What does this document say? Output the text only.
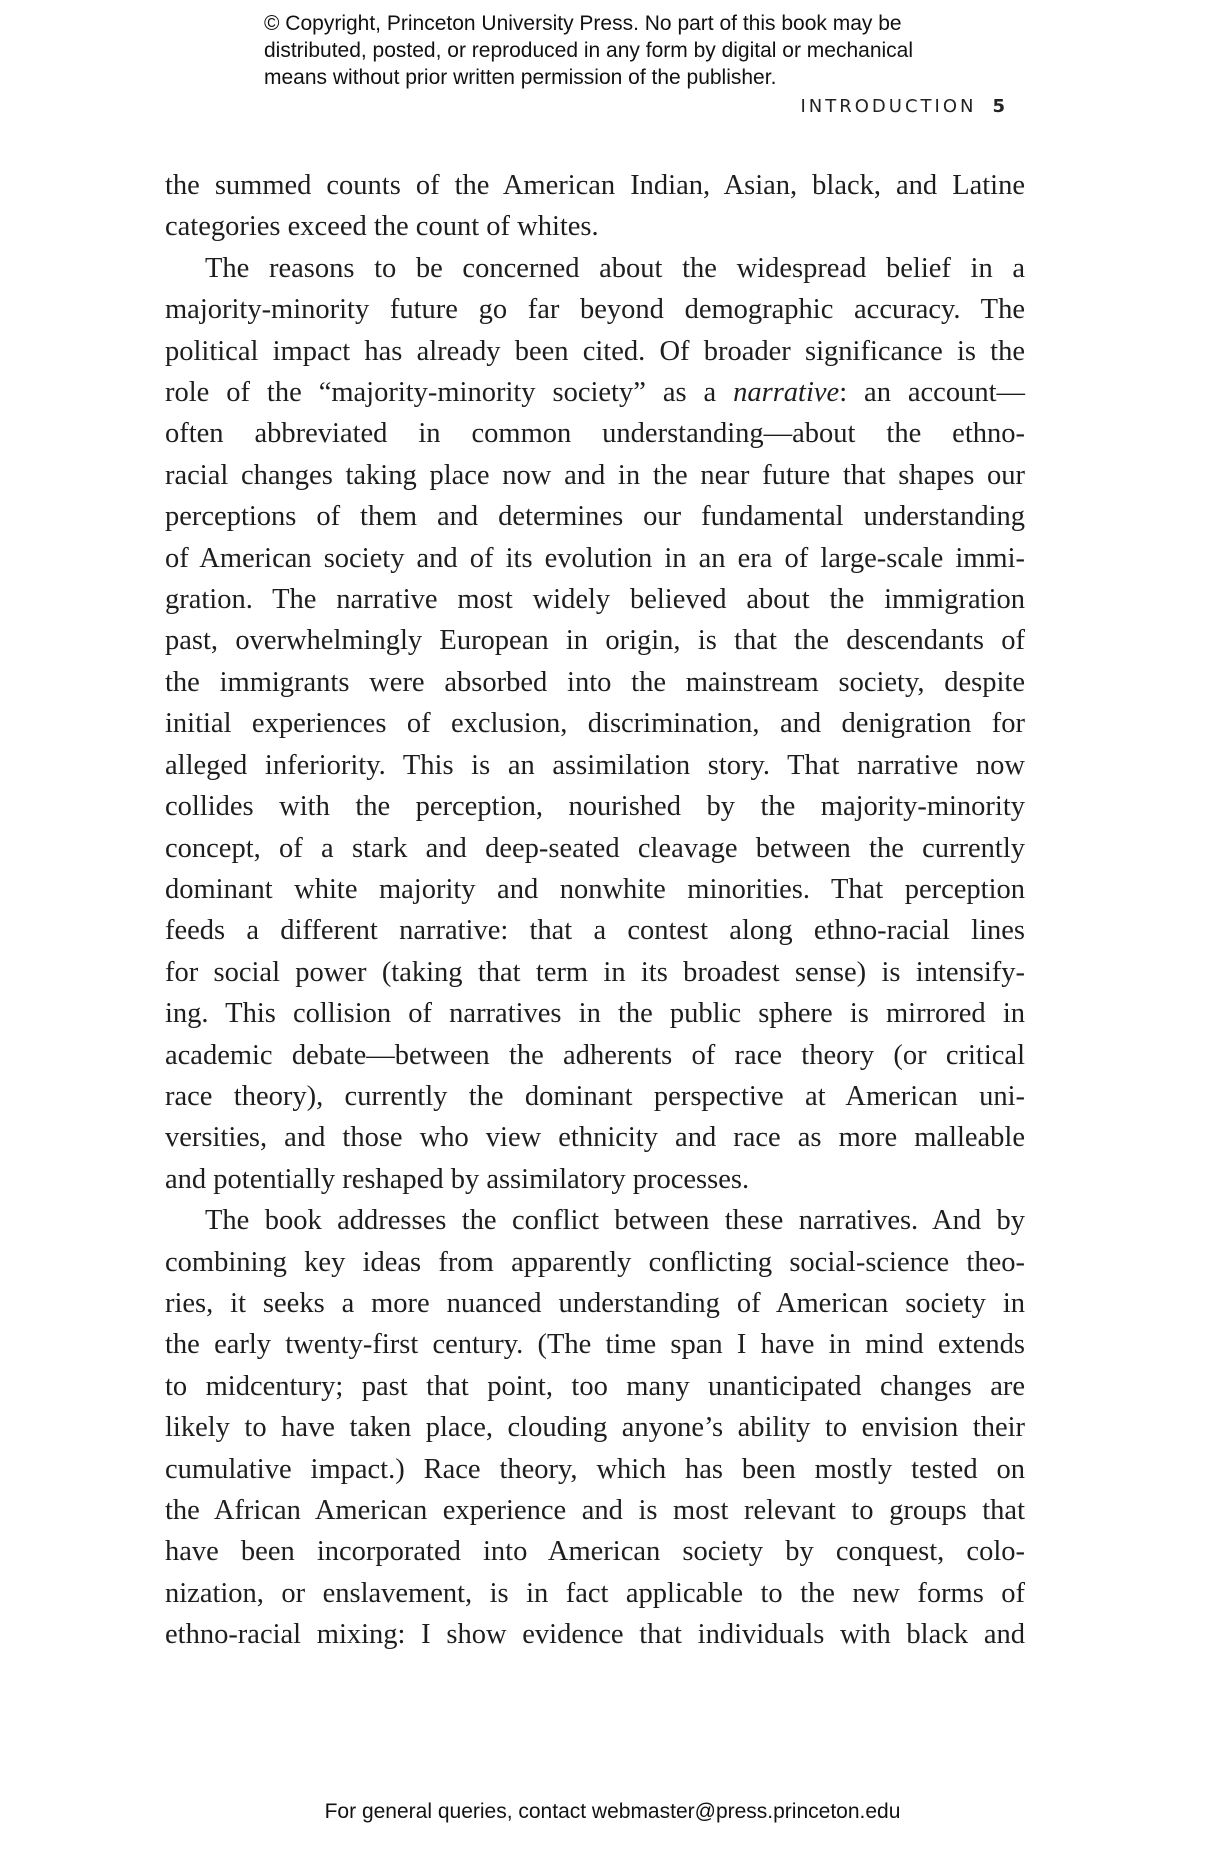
© Copyright, Princeton University Press. No part of this book may be
distributed, posted, or reproduced in any form by digital or mechanical
means without prior written permission of the publisher.
INTRODUCTION 5
the summed counts of the American Indian, Asian, black, and Latine
categories exceed the count of whites.
The reasons to be concerned about the widespread belief in a
majority-minority future go far beyond demographic accuracy. The
political impact has already been cited. Of broader significance is the
role of the “majority-minority society” as a narrative: an account—
often abbreviated in common understanding—about the ethno-
racial changes taking place now and in the near future that shapes our
perceptions of them and determines our fundamental understanding
of American society and of its evolution in an era of large-scale immi-
gration. The narrative most widely believed about the immigration
past, overwhelmingly European in origin, is that the descendants of
the immigrants were absorbed into the mainstream society, despite
initial experiences of exclusion, discrimination, and denigration for
alleged inferiority. This is an assimilation story. That narrative now
collides with the perception, nourished by the majority-minority
concept, of a stark and deep-seated cleavage between the currently
dominant white majority and nonwhite minorities. That perception
feeds a different narrative: that a contest along ethno-racial lines
for social power (taking that term in its broadest sense) is intensify-
ing. This collision of narratives in the public sphere is mirrored in
academic debate—between the adherents of race theory (or critical
race theory), currently the dominant perspective at American uni-
versities, and those who view ethnicity and race as more malleable
and potentially reshaped by assimilatory processes.
The book addresses the conflict between these narratives. And by
combining key ideas from apparently conflicting social-science theo-
ries, it seeks a more nuanced understanding of American society in
the early twenty-first century. (The time span I have in mind extends
to midcentury; past that point, too many unanticipated changes are
likely to have taken place, clouding anyone’s ability to envision their
cumulative impact.) Race theory, which has been mostly tested on
the African American experience and is most relevant to groups that
have been incorporated into American society by conquest, colo-
nization, or enslavement, is in fact applicable to the new forms of
ethno-racial mixing: I show evidence that individuals with black and
For general queries, contact webmaster@press.princeton.edu
